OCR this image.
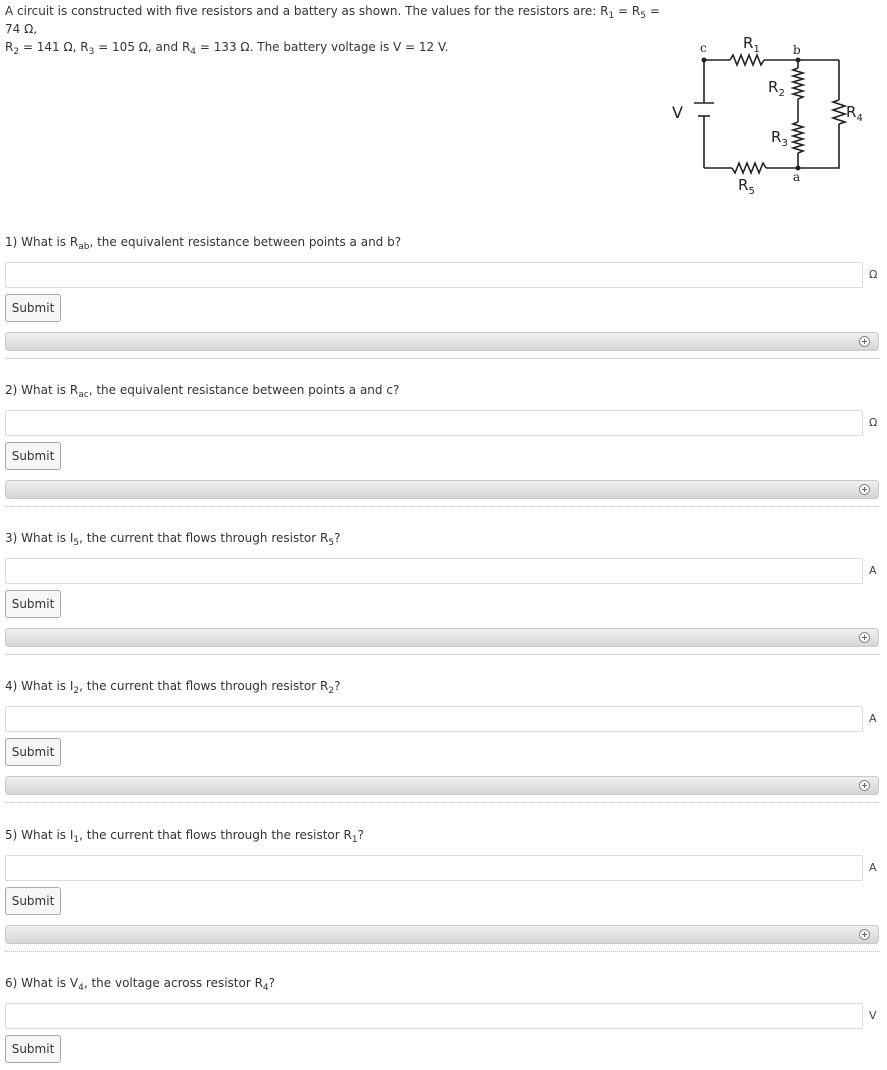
A circuit is constructed with five resistors and a battery as shown. The values for the resistors are: $R_1 = R_5 = 74$ Ω,
$R_2 = 141$ Ω, $R_3 = 105$ Ω, and $R_4 = 133$ Ω. The battery voltage is V = 12 V.	c	b
a
V
$R_1$
$R_2$
$R_3$
$R_4$
$R_5$
1) What is $R_{ab}$, the equivalent resistance between points a and b?
Ω
Submit
2) What is $R_{ac}$, the equivalent resistance between points a and c?
Ω
Submit
3) What is $I_5$, the current that flows through resistor $R_5$?
A
Submit
4) What is $I_2$, the current that flows through resistor $R_2$?
A
Submit
5) What is $I_1$, the current that flows through the resistor $R_1$?
A
Submit
6) What is $V_4$, the voltage across resistor $R_4$?
V
Submit
